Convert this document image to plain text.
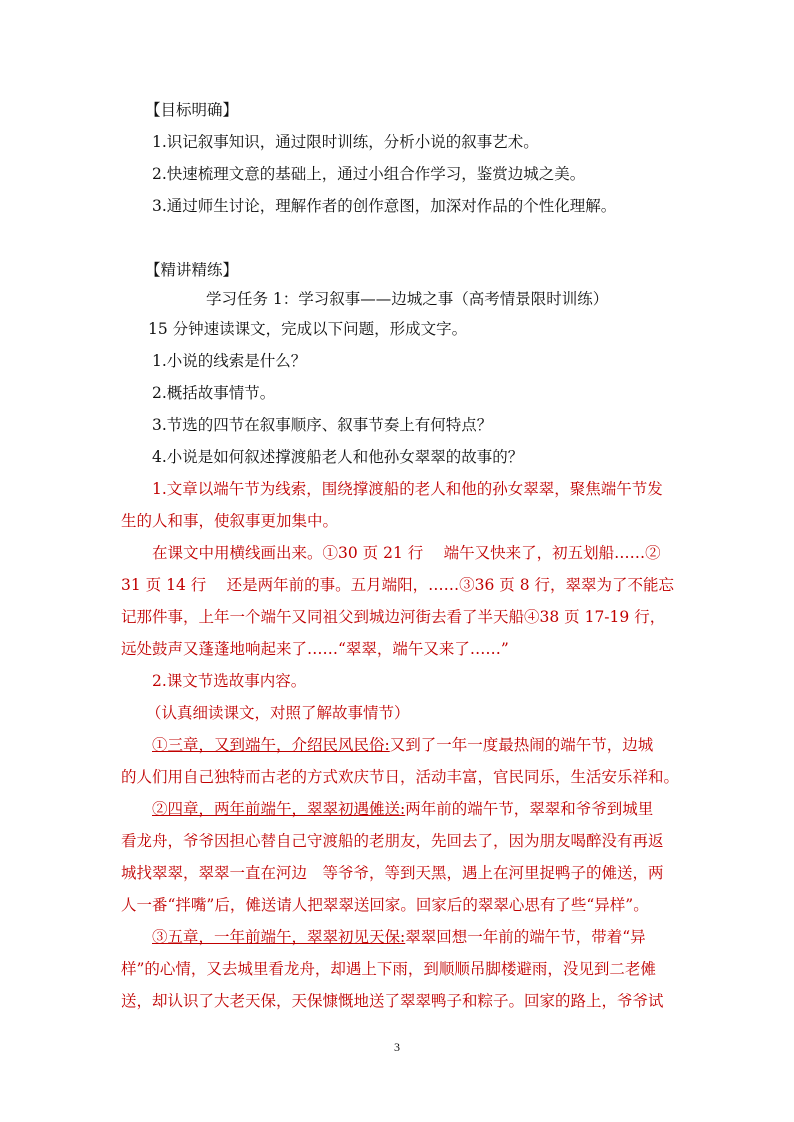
【目标明确】
1.识记叙事知识，通过限时训练，分析小说的叙事艺术。
2.快速梳理文意的基础上，通过小组合作学习，鉴赏边城之美。
3.通过师生讨论，理解作者的创作意图，加深对作品的个性化理解。
【精讲精练】
学习任务 1：学习叙事——边城之事（高考情景限时训练）
15 分钟速读课文，完成以下问题，形成文字。
1.小说的线索是什么？
2.概括故事情节。
3.节选的四节在叙事顺序、叙事节奏上有何特点？
4.小说是如何叙述撑渡船老人和他孙女翠翠的故事的？
1.文章以端午节为线索，围绕撑渡船的老人和他的孙女翠翠，聚焦端午节发
生的人和事，使叙事更加集中。
在课文中用横线画出来。①30 页 21 行　 端午又快来了，初五划船……②
31 页 14 行　 还是两年前的事。五月端阳，……③36 页 8 行，翠翠为了不能忘
记那件事，上年一个端午又同祖父到城边河街去看了半天船④38 页 17-19 行，
远处鼓声又蓬蓬地响起来了……“翠翠，端午又来了……”
2.课文节选故事内容。
（认真细读课文，对照了解故事情节）
①三章，又到端午，介绍民风民俗:又到了一年一度最热闹的端午节，边城
的人们用自己独特而古老的方式欢庆节日，活动丰富，官民同乐，生活安乐祥和。
②四章，两年前端午，翠翠初遇傩送:两年前的端午节，翠翠和爷爷到城里
看龙舟，爷爷因担心替自己守渡船的老朋友，先回去了，因为朋友喝醉没有再返
城找翠翠，翠翠一直在河边　等爷爷，等到天黑，遇上在河里捉鸭子的傩送，两
人一番“拌嘴”后，傩送请人把翠翠送回家。回家后的翠翠心思有了些“异样”。
③五章，一年前端午，翠翠初见天保:翠翠回想一年前的端午节，带着“异
样”的心情，又去城里看龙舟，却遇上下雨，到顺顺吊脚楼避雨，没见到二老傩
送，却认识了大老天保，天保慷慨地送了翠翠鸭子和粽子。回家的路上，爷爷试
3
